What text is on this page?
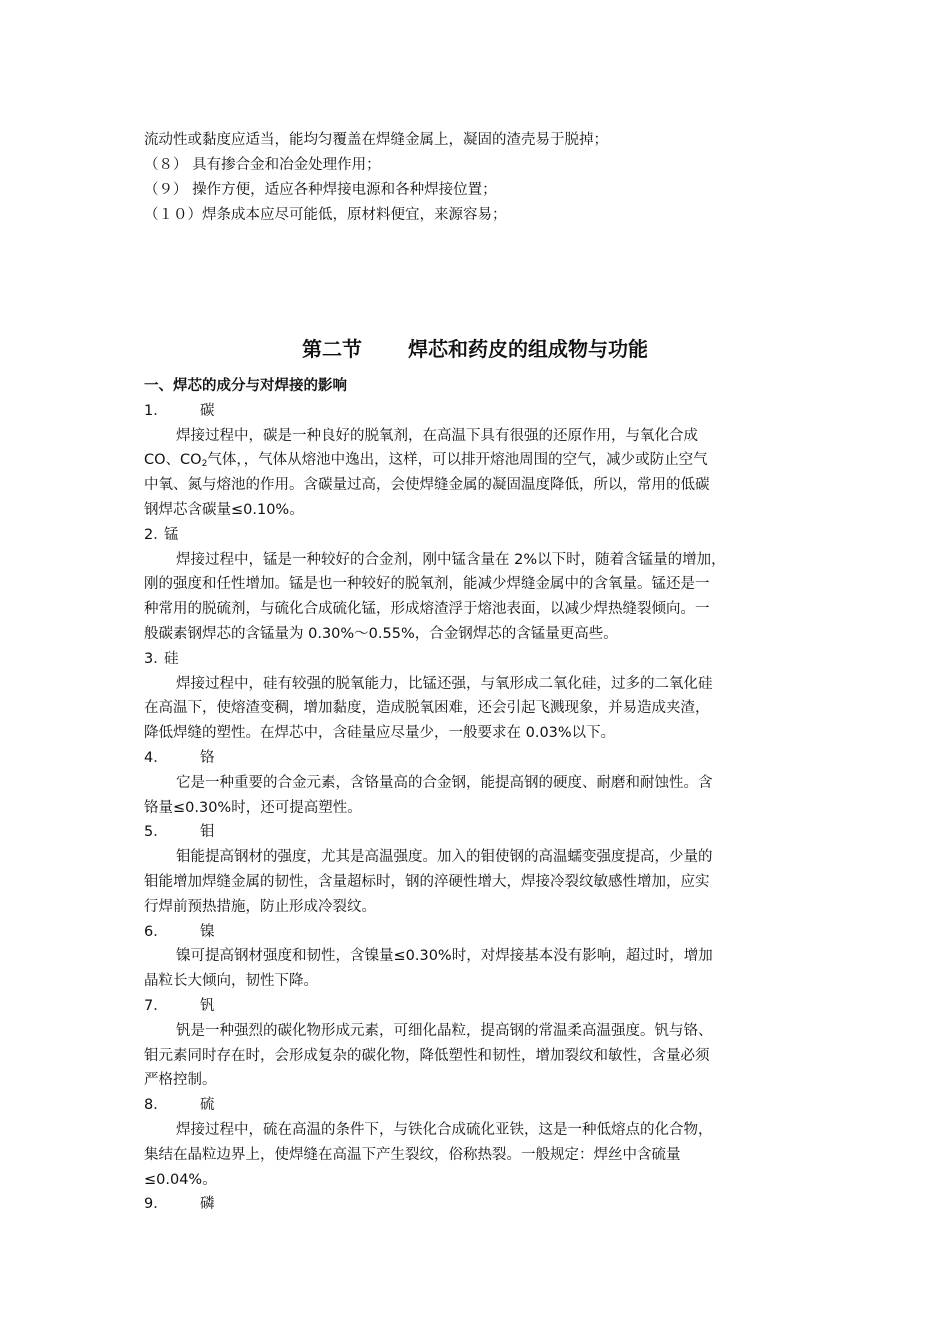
流动性或黏度应适当，能均匀覆盖在焊缝金属上，凝固的渣壳易于脱掉；
（８） 具有掺合金和冶金处理作用；
（９） 操作方便，适应各种焊接电源和各种焊接位置；
（１０）焊条成本应尽可能低，原材料便宜，来源容易；
第二节 焊芯和药皮的组成物与功能
一、焊芯的成分与对焊接的影响
1． 碳
焊接过程中，碳是一种良好的脱氧剂，在高温下具有很强的还原作用，与氧化合成
CO、$CO_2$气体，，气体从熔池中逸出，这样，可以排开熔池周围的空气，减少或防止空气
中氧、氮与熔池的作用。含碳量过高，会使焊缝金属的凝固温度降低，所以，常用的低碳
钢焊芯含碳量≤0.10%。
2．锰
焊接过程中，锰是一种较好的合金剂，刚中锰含量在 2%以下时，随着含锰量的增加，
刚的强度和任性增加。锰是也一种较好的脱氧剂，能减少焊缝金属中的含氧量。锰还是一
种常用的脱硫剂，与硫化合成硫化锰，形成熔渣浮于熔池表面，以减少焊热缝裂倾向。一
般碳素钢焊芯的含锰量为 0.30%～0.55%，合金钢焊芯的含锰量更高些。
3．硅
焊接过程中，硅有较强的脱氧能力，比锰还强，与氧形成二氧化硅，过多的二氧化硅
在高温下，使熔渣变稠，增加黏度，造成脱氧困难，还会引起飞溅现象，并易造成夹渣，
降低焊缝的塑性。在焊芯中，含硅量应尽量少，一般要求在 0.03%以下。
4． 铬
它是一种重要的合金元素，含铬量高的合金钢，能提高钢的硬度、耐磨和耐蚀性。含
铬量≤0.30%时，还可提高塑性。
5． 钼
钼能提高钢材的强度，尤其是高温强度。加入的钼使钢的高温蠕变强度提高，少量的
钼能增加焊缝金属的韧性，含量超标时，钢的淬硬性增大，焊接冷裂纹敏感性增加，应实
行焊前预热措施，防止形成冷裂纹。
6． 镍
镍可提高钢材强度和韧性，含镍量≤0.30%时，对焊接基本没有影响，超过时，增加
晶粒长大倾向，韧性下降。
7． 钒
钒是一种强烈的碳化物形成元素，可细化晶粒，提高钢的常温柔高温强度。钒与铬、
钼元素同时存在时，会形成复杂的碳化物，降低塑性和韧性，增加裂纹和敏性，含量必须
严格控制。
8． 硫
焊接过程中，硫在高温的条件下，与铁化合成硫化亚铁，这是一种低熔点的化合物，
集结在晶粒边界上，使焊缝在高温下产生裂纹，俗称热裂。一般规定：焊丝中含硫量
≤0.04%。
9． 磷
